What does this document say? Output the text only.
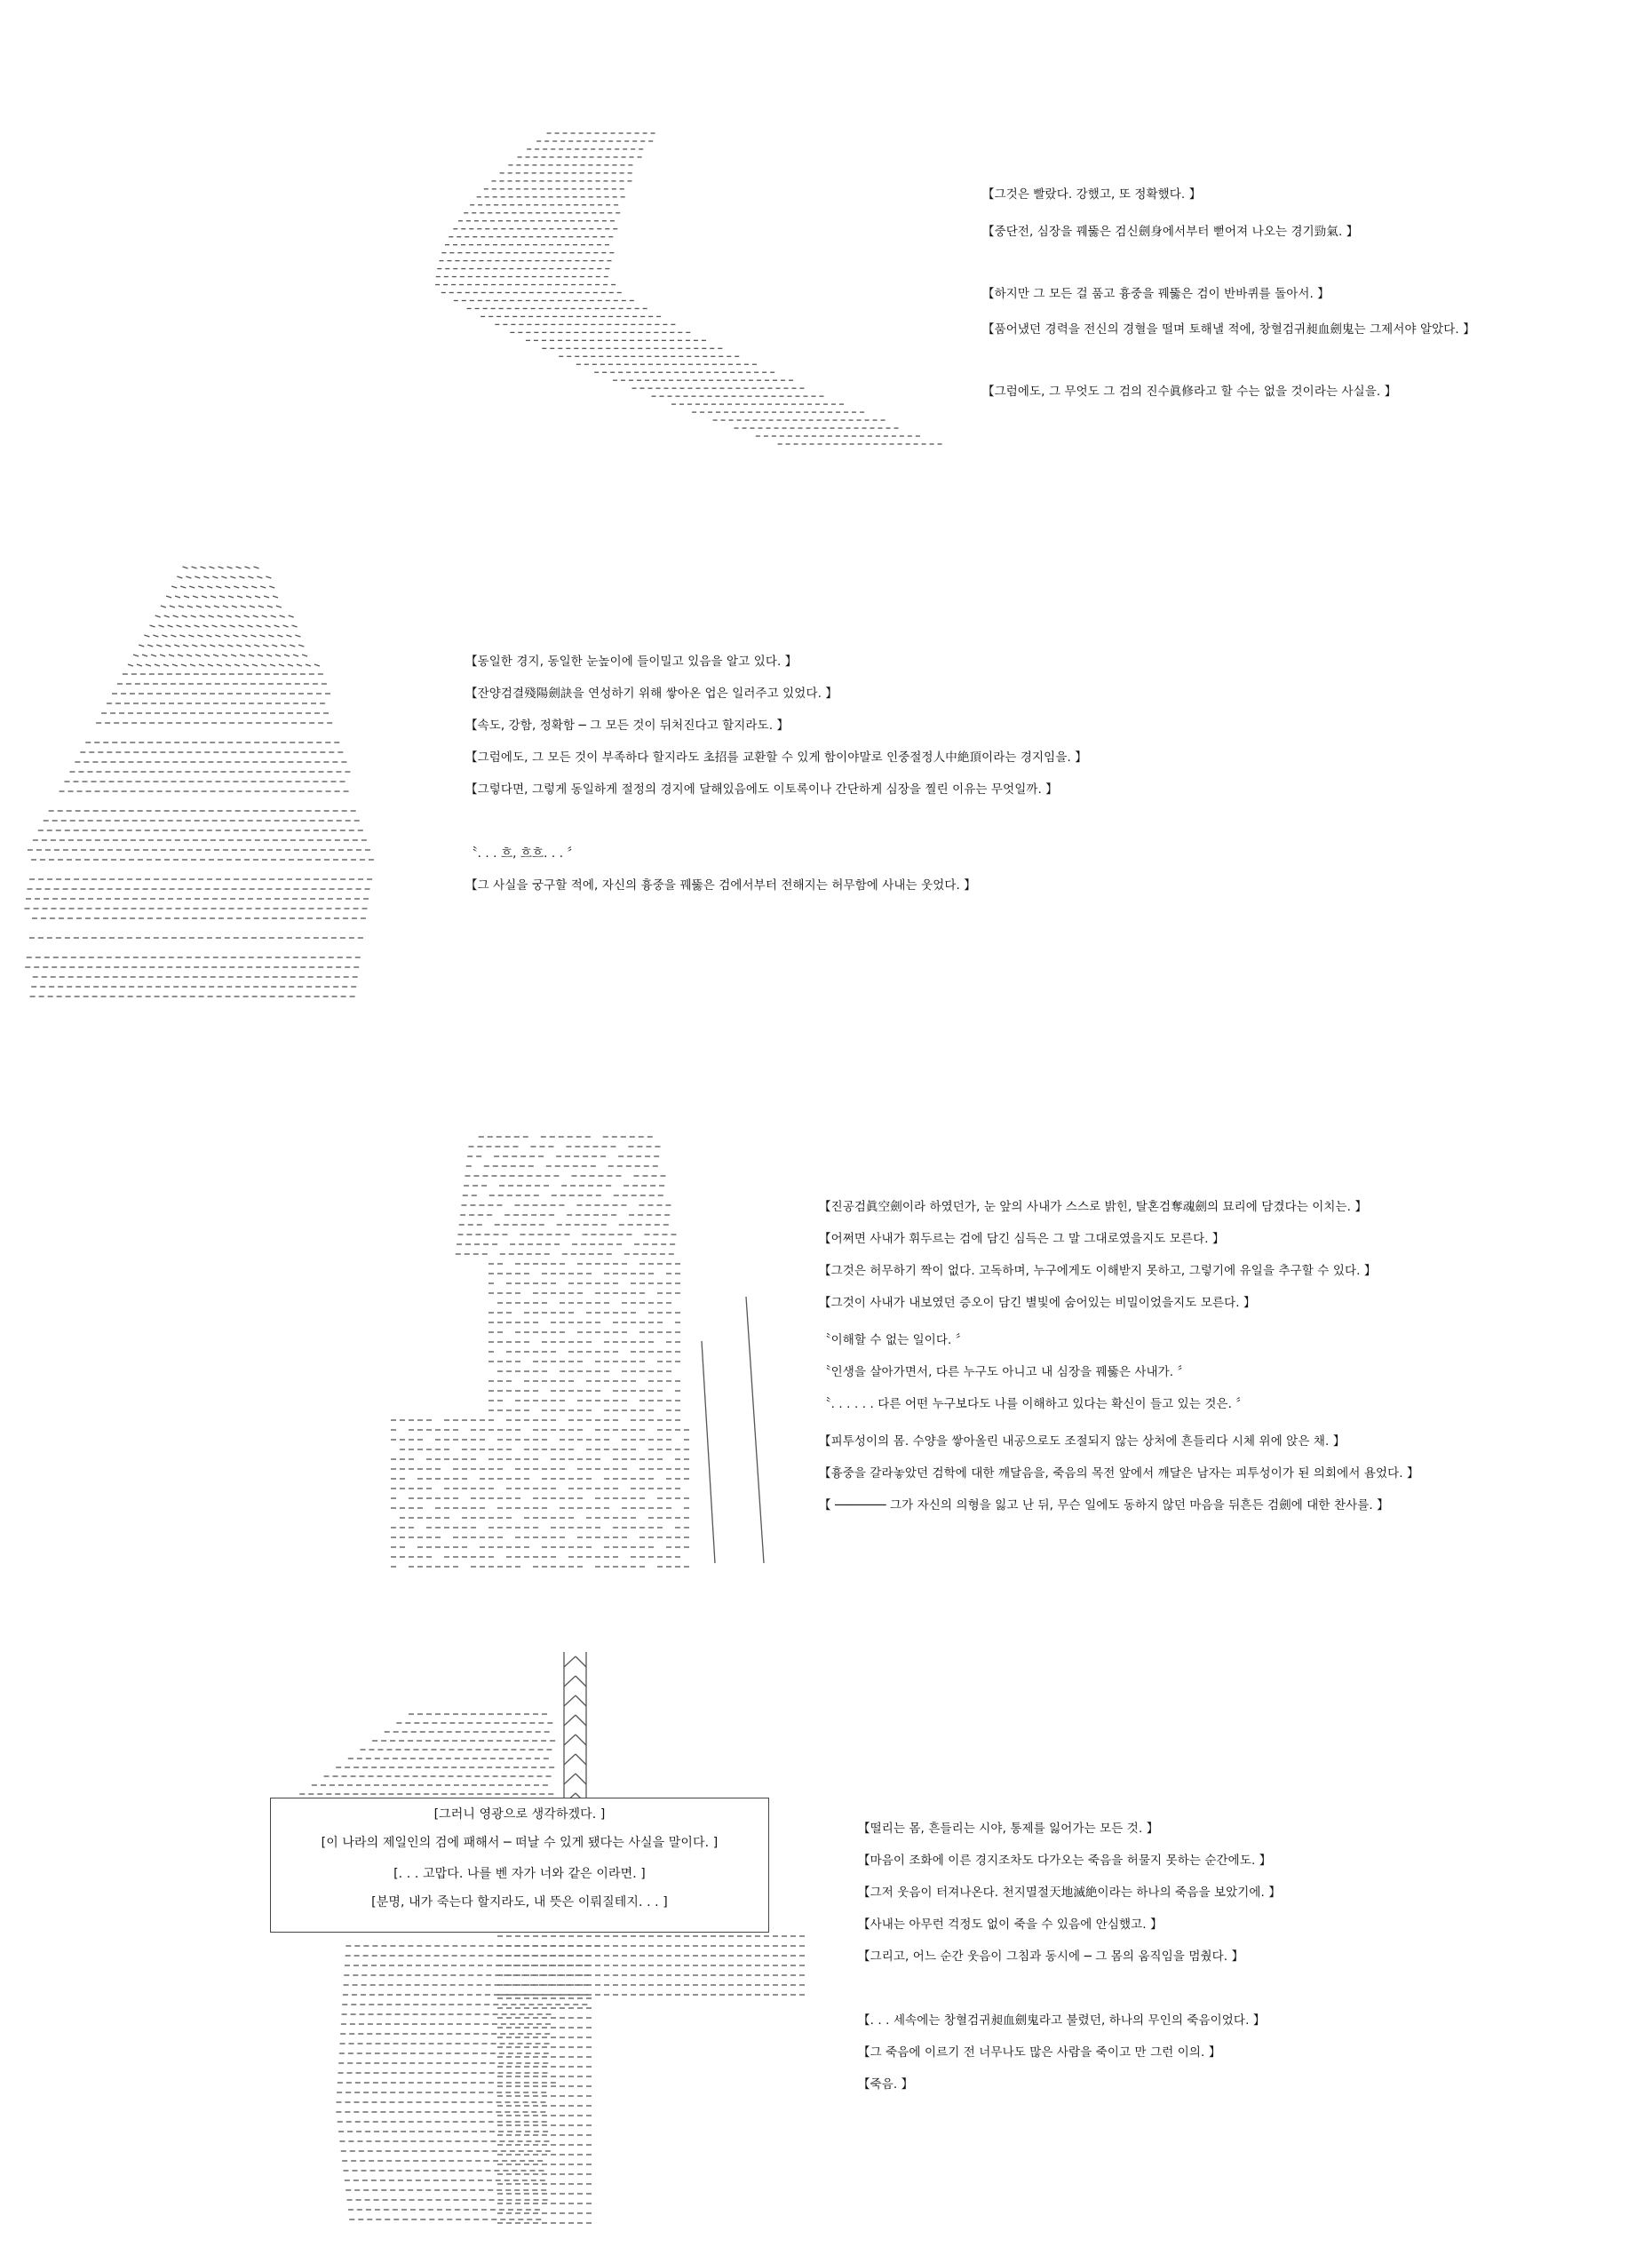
【그것은 빨랐다. 강했고, 또 정확했다. 】
【중단전, 심장을 꿰뚫은 검신劍身에서부터 뻗어져 나오는 경기勁氣. 】
【하지만 그 모든 걸 품고 흉중을 꿰뚫은 검이 반바퀴를 돌아서. 】
【품어냈던 경력을 전신의 경혈을 떨며 토해낼 적에, 창혈검귀昶血劍鬼는 그제서야 알았다. 】
【그럼에도, 그 무엇도 그 검의 진수眞修라고 할 수는 없을 것이라는 사실을. 】
【동일한 경지, 동일한 눈높이에 들이밀고 있음을 알고 있다. 】
【잔양검결殘陽劍訣을 연성하기 위해 쌓아온 업은 일러주고 있었다. 】
【속도, 강함, 정확함 ─ 그 모든 것이 뒤처진다고 할지라도. 】
【그럼에도, 그 모든 것이 부족하다 할지라도 초招를 교환할 수 있게 함이야말로 인중절정人中絶頂이라는 경지임을. 】
【그렇다면, 그렇게 동일하게 절정의 경지에 달해있음에도 이토록이나 간단하게 심장을 찔린 이유는 무엇일까. 】
〝. . . 흐, 흐흐. . . 〞
【그 사실을 궁구할 적에, 자신의 흉중을 꿰뚫은 검에서부터 전해지는 허무함에 사내는 웃었다. 】
【진공검眞空劍이라 하였던가, 눈 앞의 사내가 스스로 밝힌, 탈혼검奪魂劍의 묘리에 담겼다는 이치는. 】
【어쩌면 사내가 휘두르는 검에 담긴 심득은 그 말 그대로였을지도 모른다. 】
【그것은 허무하기 짝이 없다. 고독하며, 누구에게도 이해받지 못하고, 그렇기에 유일을 추구할 수 있다. 】
【그것이 사내가 내보였던 증오이 담긴 별빛에 숨어있는 비밀이었을지도 모른다. 】
〝이해할 수 없는 일이다. 〞
〝인생을 살아가면서, 다른 누구도 아니고 내 심장을 꿰뚫은 사내가. 〞
〝. . . . . . 다른 어떤 누구보다도 나를 이해하고 있다는 확신이 들고 있는 것은. 〞
【피투성이의 몸. 수양을 쌓아올린 내공으로도 조절되지 않는 상처에 흔들리다 시체 위에 앉은 채. 】
【흉중을 갈라놓았던 검학에 대한 깨달음을, 죽음의 목전 앞에서 깨달은 남자는 피투성이가 된 의회에서 욤었다. 】
【 ─────── 그가 자신의 의형을 잃고 난 뒤, 무슨 일에도 동하지 않던 마음을 뒤흔든 검劍에 대한 찬사를. 】
[그러니 영광으로 생각하겠다. ]
[이 나라의 제일인의 검에 패해서 ─ 떠날 수 있게 됐다는 사실을 말이다. ]
[. . . 고맙다. 나를 벤 자가 너와 같은 이라면. ]
[분명, 내가 죽는다 할지라도, 내 뜻은 이뤄질테지. . . ]
【떨리는 몸, 흔들리는 시야, 통제를 잃어가는 모든 것. 】
【마음이 조화에 이른 경지조차도 다가오는 죽음을 허물지 못하는 순간에도. 】
【그저 웃음이 터져나온다. 천지멸절天地滅絶이라는 하나의 죽음을 보았기에. 】
【사내는 아무런 걱정도 없이 죽을 수 있음에 안심했고. 】
【그리고, 어느 순간 웃음이 그침과 동시에 ─ 그 몸의 움직임을 멈췄다. 】
【. . . 세속에는 창혈검귀昶血劍鬼라고 불렸던, 하나의 무인의 죽음이었다. 】
【그 죽음에 이르기 전 너무나도 많은 사람을 죽이고 만 그런 이의. 】
【죽음. 】
